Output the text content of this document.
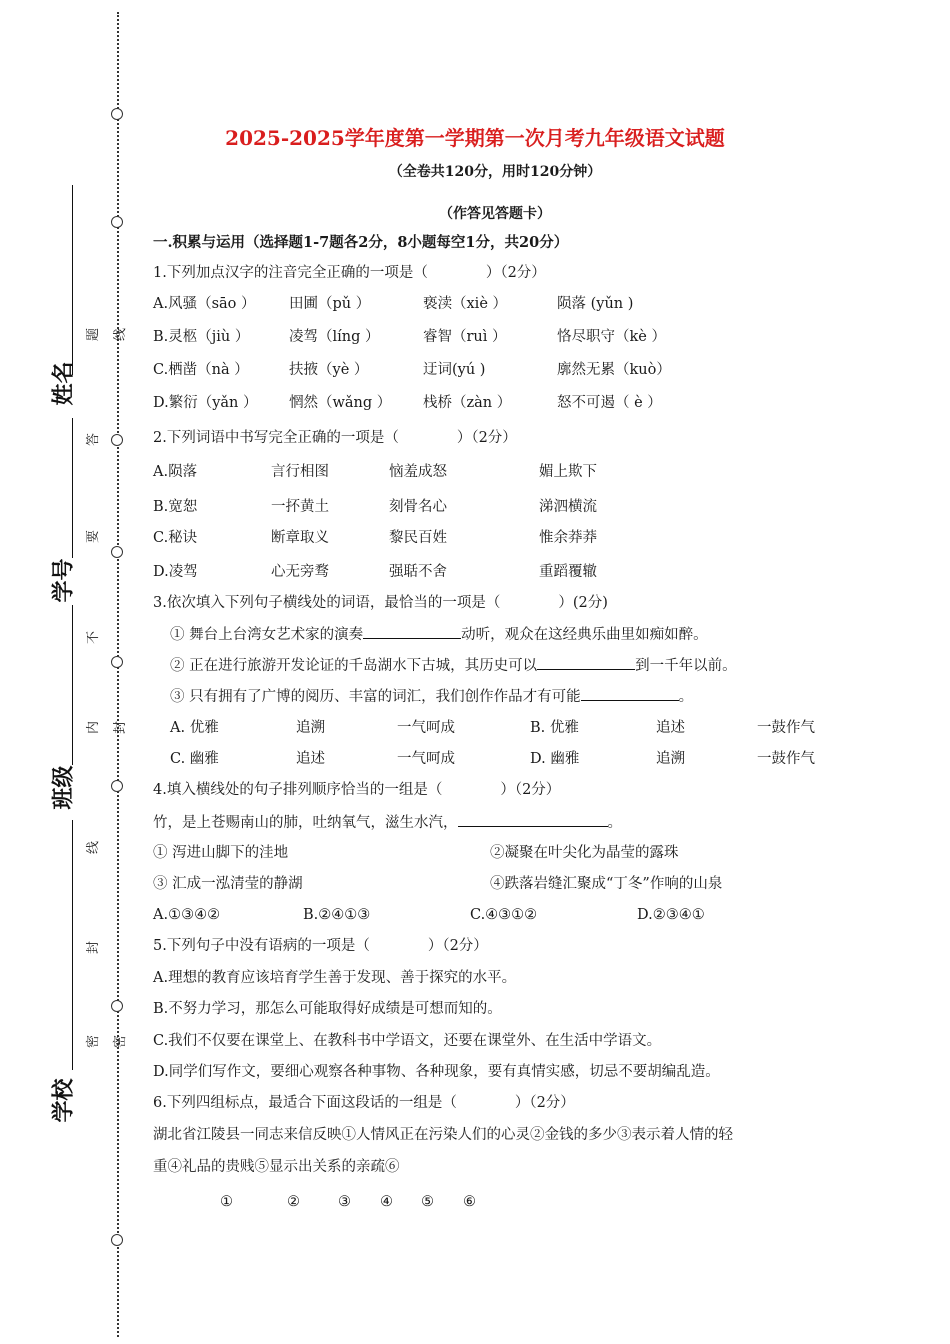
姓名
学号
班级
学校
题
答
要
不
内
线
封
密
线
封
密
2025-2025学年度第一学期第一次月考九年级语文试题
（全卷共120分，用时120分钟）
（作答见答题卡）
一.积累与运用（选择题1-7题各2分，8小题每空1分，共20分）
1.下列加点汉字的注音完全正确的一项是（　　　　）（2分）
A.风骚（sāo ） 田圃（pǔ ）	亵渎（xiè ）	陨落 (yǔn )
B.灵柩（jiù ）	凌驾（líng ）	睿智（ruì ）	恪尽职守（kè ）
C.栖凿（nà ）	扶掖（yè ）	迂词(yú )	廓然无累（kuò）
D.繁衍（yǎn ） 惘然（wǎng ） 栈桥（zàn ）	怒不可遏（ è ）
2.下列词语中书写完全正确的一项是（　　　　）（2分）
A.陨落	言行相图	恼羞成怒	媚上欺下
B.宽恕	一抔黄土	刻骨名心	涕泗横流
C.秘诀	断章取义	黎民百姓	惟余莽莽
D.凌驾	心无旁骛	强聒不舍	重蹈覆辙
3.依次填入下列句子横线处的词语，最恰当的一项是（　　　　）(2分)
① 舞台上台湾女艺术家的演奏	动听，观众在这经典乐曲里如痴如醉。
② 正在进行旅游开发论证的千岛湖水下古城，其历史可以	到一千年以前。
③ 只有拥有了广博的阅历、丰富的词汇，我们创作作品才有可能	。
A. 优雅	追溯	一气呵成	B. 优雅	追述	一鼓作气
C. 幽雅	追述	一气呵成	D. 幽雅	追溯	一鼓作气
4.填入横线处的句子排列顺序恰当的一组是（　　　　）（2分）
竹，是上苍赐南山的肺，吐纳氧气，滋生水汽，	。
① 泻进山脚下的洼地	②凝聚在叶尖化为晶莹的露珠
③ 汇成一泓清莹的静湖	④跌落岩缝汇聚成“丁冬”作响的山泉
A.①③④②	B.②④①③	C.④③①②	D.②③④①
5.下列句子中没有语病的一项是（　　　　）（2分）
A.理想的教育应该培育学生善于发现、善于探究的水平。
B.不努力学习，那怎么可能取得好成绩是可想而知的。
C.我们不仅要在课堂上、在教科书中学语文，还要在课堂外、在生活中学语文。
D.同学们写作文，要细心观察各种事物、各种现象，要有真情实感，切忌不要胡编乱造。
6.下列四组标点，最适合下面这段话的一组是（　　　　）（2分）
湖北省江陵县一同志来信反映①人情风正在污染人们的心灵②金钱的多少③表示着人情的轻
重④礼品的贵贱⑤显示出关系的亲疏⑥
①	②	③ ④ ⑤ ⑥
